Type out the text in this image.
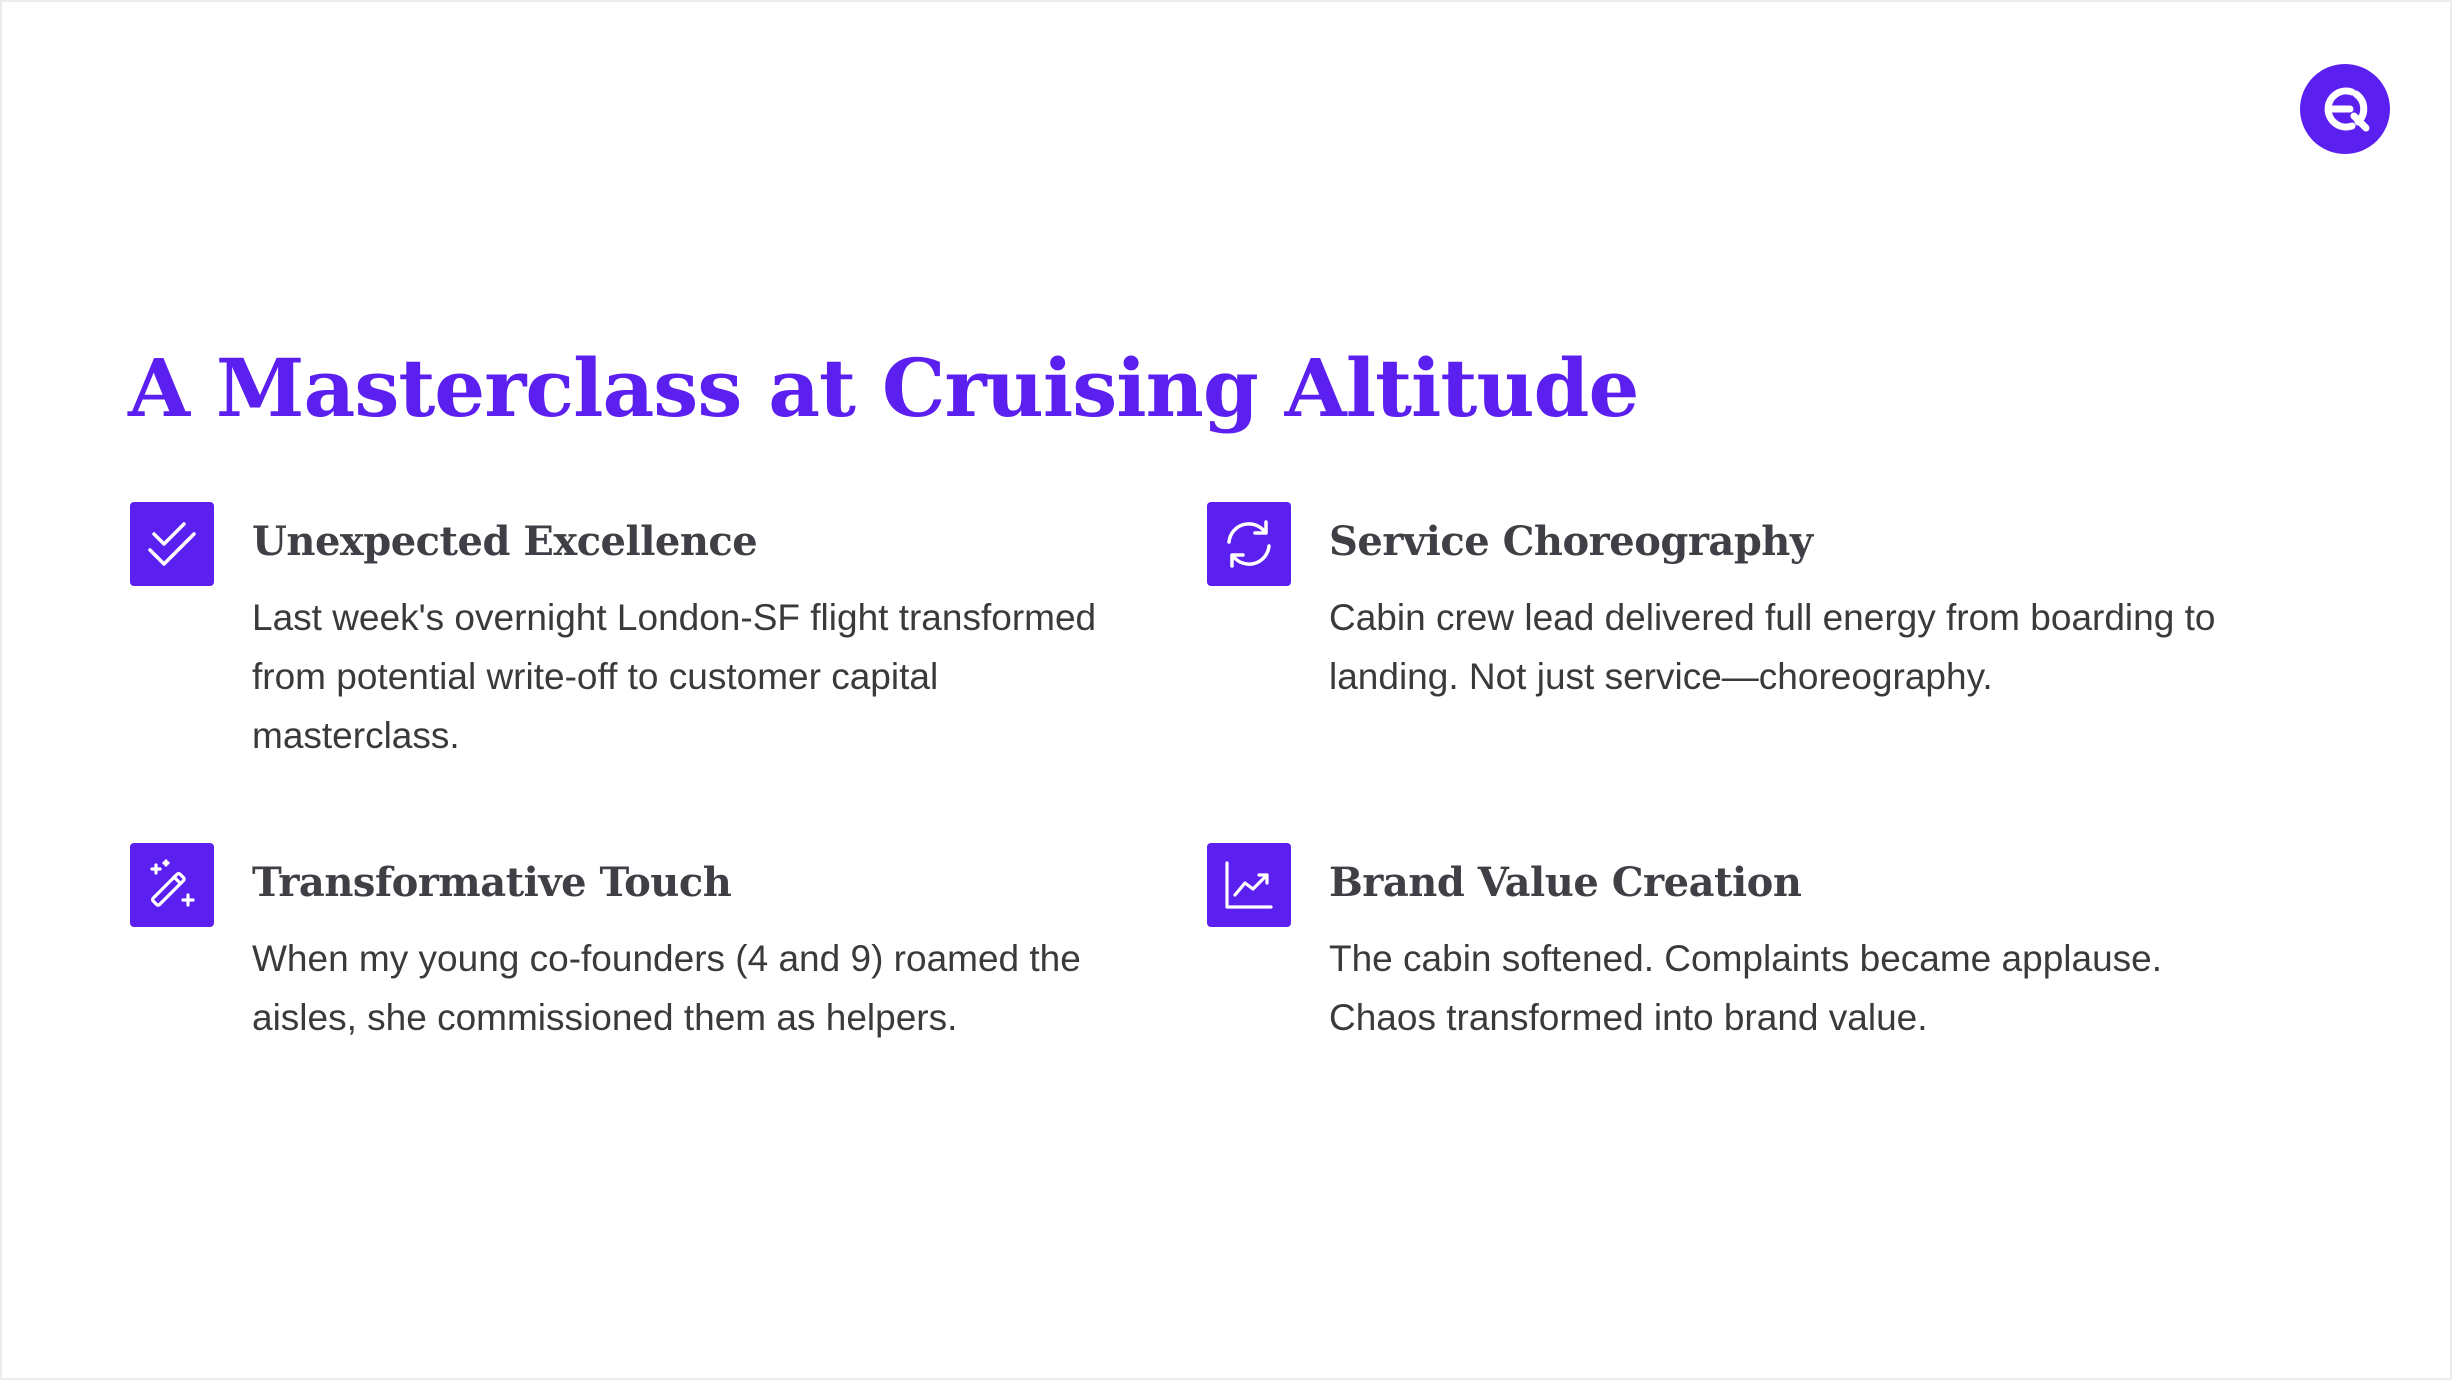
A Masterclass at Cruising Altitude
Unexpected Excellence

Last week's overnight London-SF flight transformed from potential write-off to customer capital masterclass.

Service Choreography

Cabin crew lead delivered full energy from boarding to landing. Not just service—choreography.

Transformative Touch

When my young co-founders (4 and 9) roamed the aisles, she commissioned them as helpers.

Brand Value Creation

The cabin softened. Complaints became applause. Chaos transformed into brand value.
